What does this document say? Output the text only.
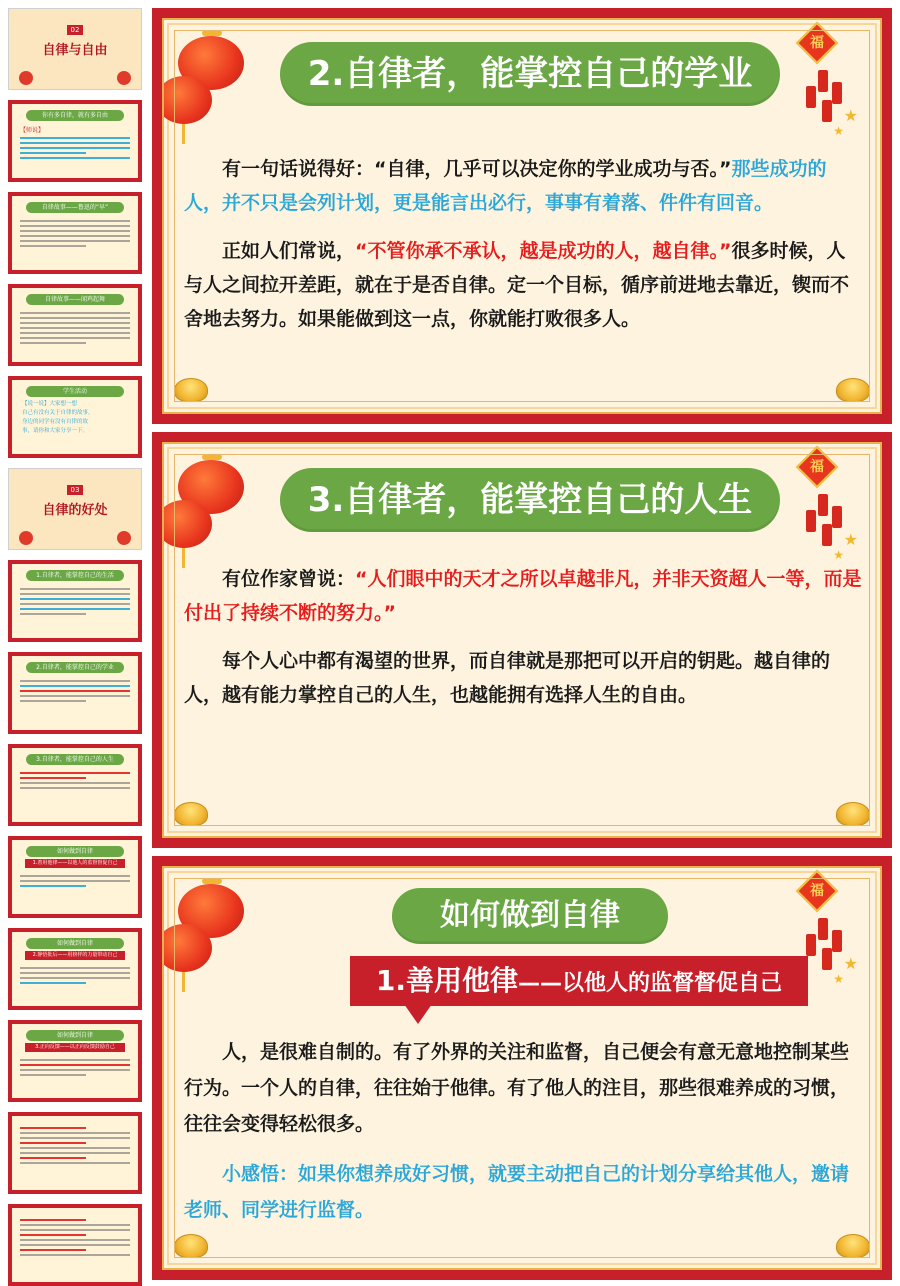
02
自律与自由
你有多自律，就有多自由
【师说】
自律故事——鲁迅的“早”
自律故事——闻鸡起舞
学生活动
【说一说】大家想一想
自己有没有关于自律的故事，
身边的同学有没有自律的故
事，请你和大家分享一下。
03
自律的好处
1.自律者，能掌控自己的生活
2.自律者，能掌控自己的学业
3.自律者，能掌控自己的人生
如何做到自律
1.善用他律——以他人的监督督促自己
如何做到自律
2.静悟批后——用榜样的力量带动自己
如何做到自律
3.正向反馈——以正向反馈鼓励自己
福
★
★
2.自律者，能掌控自己的学业

有一句话说得好：“自律，几乎可以决定你的学业成功与否。”那些成功的人，并不只是会列计划，更是能言出必行，事事有着落、件件有回音。

正如人们常说，“不管你承不承认，越是成功的人，越自律。”很多时候，人与人之间拉开差距，就在于是否自律。定一个目标，循序前进地去靠近，锲而不舍地去努力。如果能做到这一点，你就能打败很多人。

福
★
★
3.自律者，能掌控自己的人生

有位作家曾说：“人们眼中的天才之所以卓越非凡，并非天资超人一等，而是付出了持续不断的努力。”

每个人心中都有渴望的世界，而自律就是那把可以开启的钥匙。越自律的人，越有能力掌控自己的人生，也越能拥有选择人生的自由。

福
★
★
如何做到自律
1.善用他律——以他人的监督督促自己

人，是很难自制的。有了外界的关注和监督，自己便会有意无意地控制某些行为。一个人的自律，往往始于他律。有了他人的注目，那些很难养成的习惯，往往会变得轻松很多。

小感悟：如果你想养成好习惯，就要主动把自己的计划分享给其他人，邀请老师、同学进行监督。
